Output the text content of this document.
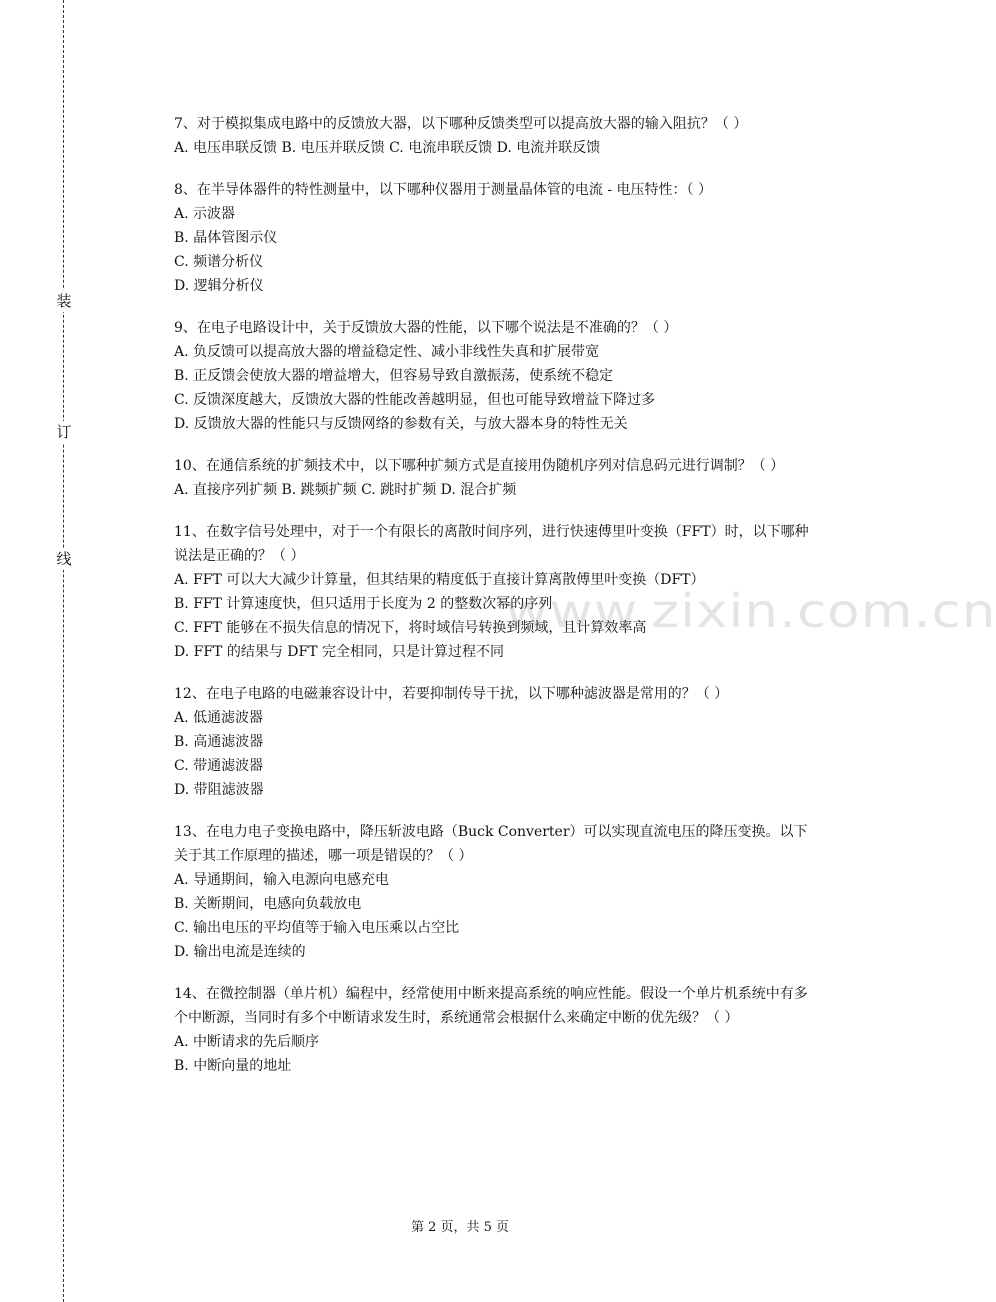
装
订
线
www.zixin.com.cn
7、对于模拟集成电路中的反馈放大器，以下哪种反馈类型可以提高放大器的输入阻抗？（ ）
A. 电压串联反馈 B. 电压并联反馈 C. 电流串联反馈 D. 电流并联反馈
8、在半导体器件的特性测量中，以下哪种仪器用于测量晶体管的电流 - 电压特性：（ ）
A. 示波器
B. 晶体管图示仪
C. 频谱分析仪
D. 逻辑分析仪
9、在电子电路设计中，关于反馈放大器的性能，以下哪个说法是不准确的？（ ）
A. 负反馈可以提高放大器的增益稳定性、减小非线性失真和扩展带宽
B. 正反馈会使放大器的增益增大，但容易导致自激振荡，使系统不稳定
C. 反馈深度越大，反馈放大器的性能改善越明显，但也可能导致增益下降过多
D. 反馈放大器的性能只与反馈网络的参数有关，与放大器本身的特性无关
10、在通信系统的扩频技术中，以下哪种扩频方式是直接用伪随机序列对信息码元进行调制？（ ）
A. 直接序列扩频 B. 跳频扩频 C. 跳时扩频 D. 混合扩频
11、在数字信号处理中，对于一个有限长的离散时间序列，进行快速傅里叶变换（FFT）时，以下哪种说法是正确的？（ ）
A. FFT 可以大大减少计算量，但其结果的精度低于直接计算离散傅里叶变换（DFT）
B. FFT 计算速度快，但只适用于长度为 2 的整数次幂的序列
C. FFT 能够在不损失信息的情况下，将时域信号转换到频域，且计算效率高
D. FFT 的结果与 DFT 完全相同，只是计算过程不同
12、在电子电路的电磁兼容设计中，若要抑制传导干扰，以下哪种滤波器是常用的？（ ）
A. 低通滤波器
B. 高通滤波器
C. 带通滤波器
D. 带阻滤波器
13、在电力电子变换电路中，降压斩波电路（Buck Converter）可以实现直流电压的降压变换。以下关于其工作原理的描述，哪一项是错误的？（ ）
A. 导通期间，输入电源向电感充电
B. 关断期间，电感向负载放电
C. 输出电压的平均值等于输入电压乘以占空比
D. 输出电流是连续的
14、在微控制器（单片机）编程中，经常使用中断来提高系统的响应性能。假设一个单片机系统中有多个中断源，当同时有多个中断请求发生时，系统通常会根据什么来确定中断的优先级？（ ）
A. 中断请求的先后顺序
B. 中断向量的地址
第 2 页，共 5 页
